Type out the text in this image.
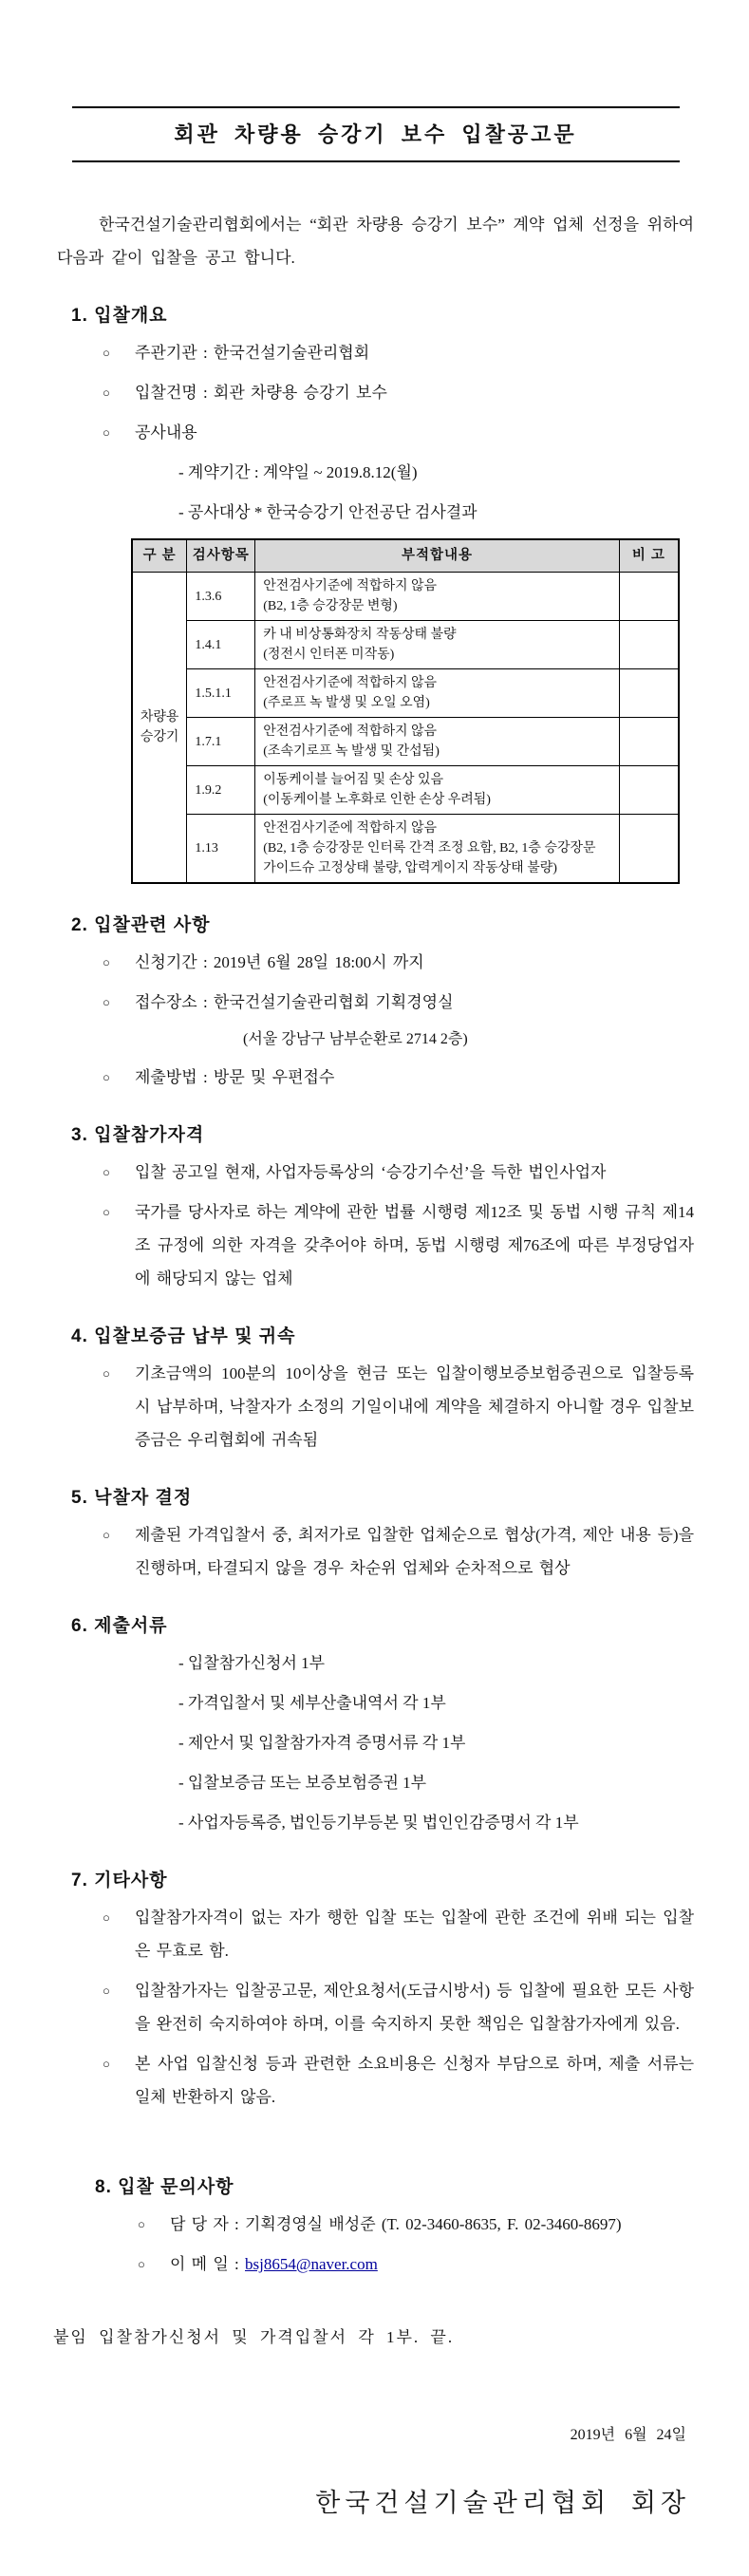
회관 차량용 승강기 보수 입찰공고문

한국건설기술관리협회에서는 “회관 차량용 승강기 보수” 계약 업체 선정을 위하여 다음과 같이 입찰을 공고 합니다.

1. 입찰개요
○	주관기관 : 한국건설기술관리협회
○	입찰건명 : 회관 차량용 승강기 보수
○	공사내용
- 계약기간 : 계약일 ~ 2019.8.12(월)
- 공사대상 * 한국승강기 안전공단 검사결과
구 분	검사항목	부적합내용	비 고
차량용 승강기	1.3.6	안전검사기준에 적합하지 않음
(B2, 1층 승강장문 변형)	

	1.4.1	카 내 비상통화장치 작동상태 불량
(정전시 인터폰 미작동)	

	1.5.1.1	안전검사기준에 적합하지 않음
(주로프 녹 발생 및 오일 오염)	

	1.7.1	안전검사기준에 적합하지 않음
(조속기로프 녹 발생 및 간섭됨)	

	1.9.2	이동케이블 늘어짐 및 손상 있음
(이동케이블 노후화로 인한 손상 우려됨)	

	1.13	안전검사기준에 적합하지 않음
(B2, 1층 승강장문 인터록 간격 조정 요함, B2, 1층 승강장문 가이드슈 고정상태 불량, 압력게이지 작동상태 불량)	

2. 입찰관련 사항
○	신청기간 : 2019년 6월 28일 18:00시 까지
○	접수장소 : 한국건설기술관리협회 기획경영실
(서울 강남구 남부순환로 2714 2층)
○	제출방법 : 방문 및 우편접수
3. 입찰참가자격
○	입찰 공고일 현재, 사업자등록상의 ‘승강기수선’을 득한 법인사업자
○	국가를 당사자로 하는 계약에 관한 법률 시행령 제12조 및 동법 시행 규칙 제14조 규정에 의한 자격을 갖추어야 하며, 동법 시행령 제76조에 따른 부정당업자에 해당되지 않는 업체
4. 입찰보증금 납부 및 귀속
○	기초금액의 100분의 10이상을 현금 또는 입찰이행보증보험증권으로 입찰등록 시 납부하며, 낙찰자가 소정의 기일이내에 계약을 체결하지 아니할 경우 입찰보증금은 우리협회에 귀속됨
5. 낙찰자 결정
○	제출된 가격입찰서 중, 최저가로 입찰한 업체순으로 협상(가격, 제안 내용 등)을 진행하며, 타결되지 않을 경우 차순위 업체와 순차적으로 협상
6. 제출서류
- 입찰참가신청서 1부
- 가격입찰서 및 세부산출내역서 각 1부
- 제안서 및 입찰참가자격 증명서류 각 1부
- 입찰보증금 또는 보증보험증권 1부
- 사업자등록증, 법인등기부등본 및 법인인감증명서 각 1부
7. 기타사항
○	입찰참가자격이 없는 자가 행한 입찰 또는 입찰에 관한 조건에 위배 되는 입찰은 무효로 함.
○	입찰참가자는 입찰공고문, 제안요청서(도급시방서) 등 입찰에 필요한 모든 사항을 완전히 숙지하여야 하며, 이를 숙지하지 못한 책임은 입찰참가자에게 있음.
○	본 사업 입찰신청 등과 관련한 소요비용은 신청자 부담으로 하며, 제출 서류는 일체 반환하지 않음.
8. 입찰 문의사항
○	담 당 자 : 기획경영실 배성준 (T. 02-3460-8635, F. 02-3460-8697)
○	이 메 일 : bsj8654@naver.com
붙임 입찰참가신청서 및 가격입찰서 각 1부. 끝.
2019년 6월 24일
한국건설기술관리협회 회장
